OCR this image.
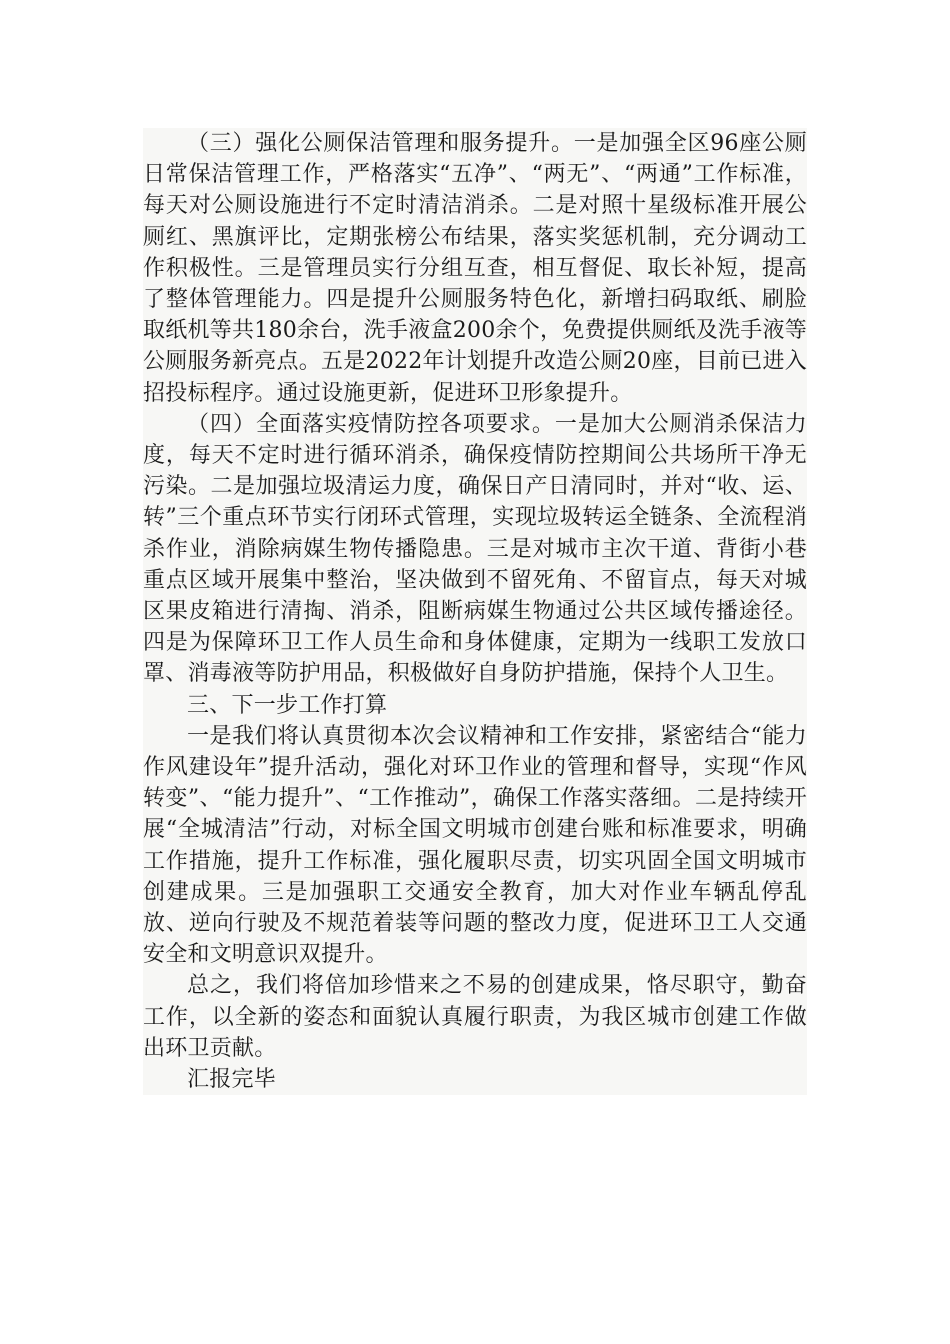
（三）强化公厕保洁管理和服务提升。一是加强全区96座公厕日常保洁管理工作，严格落实“五净”、“两无”、“两通”工作标准，每天对公厕设施进行不定时清洁消杀。二是对照十星级标准开展公厕红、黑旗评比，定期张榜公布结果，落实奖惩机制，充分调动工作积极性。三是管理员实行分组互查，相互督促、取长补短，提高了整体管理能力。四是提升公厕服务特色化，新增扫码取纸、刷脸取纸机等共180余台，洗手液盒200余个，免费提供厕纸及洗手液等公厕服务新亮点。五是2022年计划提升改造公厕20座，目前已进入招投标程序。通过设施更新，促进环卫形象提升。

（四）全面落实疫情防控各项要求。一是加大公厕消杀保洁力度，每天不定时进行循环消杀，确保疫情防控期间公共场所干净无污染。二是加强垃圾清运力度，确保日产日清同时，并对“收、运、转”三个重点环节实行闭环式管理，实现垃圾转运全链条、全流程消杀作业，消除病媒生物传播隐患。三是对城市主次干道、背街小巷重点区域开展集中整治，坚决做到不留死角、不留盲点，每天对城区果皮箱进行清掏、消杀，阻断病媒生物通过公共区域传播途径。四是为保障环卫工作人员生命和身体健康，定期为一线职工发放口罩、消毒液等防护用品，积极做好自身防护措施，保持个人卫生。

三、下一步工作打算

一是我们将认真贯彻本次会议精神和工作安排，紧密结合“能力作风建设年”提升活动，强化对环卫作业的管理和督导，实现“作风转变”、“能力提升”、“工作推动”，确保工作落实落细。二是持续开展“全城清洁”行动，对标全国文明城市创建台账和标准要求，明确工作措施，提升工作标准，强化履职尽责，切实巩固全国文明城市创建成果。三是加强职工交通安全教育，加大对作业车辆乱停乱放、逆向行驶及不规范着装等问题的整改力度，促进环卫工人交通安全和文明意识双提升。

总之，我们将倍加珍惜来之不易的创建成果，恪尽职守，勤奋工作，以全新的姿态和面貌认真履行职责，为我区城市创建工作做出环卫贡献。

汇报完毕
